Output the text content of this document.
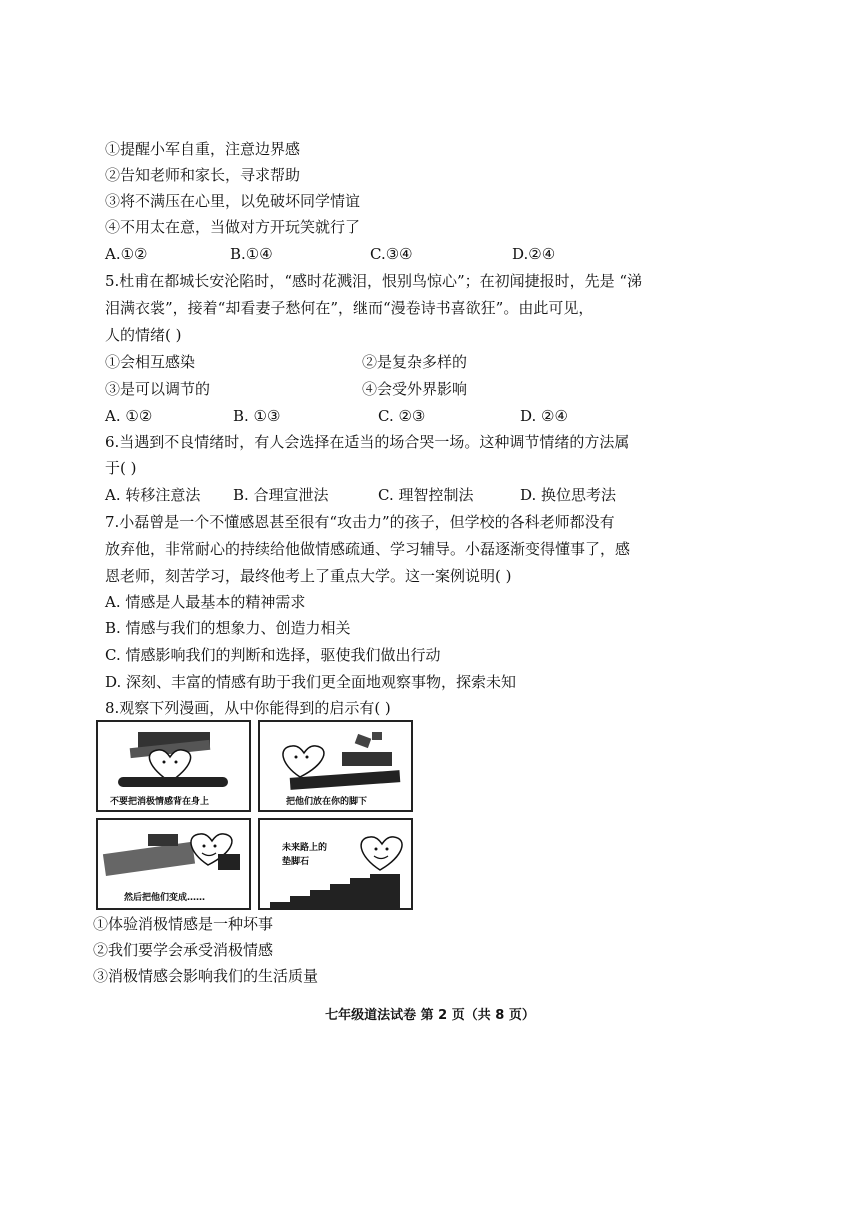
①提醒小军自重，注意边界感
②告知老师和家长，寻求帮助
③将不满压在心里，以免破坏同学情谊
④不用太在意，当做对方开玩笑就行了
A.①②	B.①④	C.③④	D.②④
5.杜甫在都城长安沦陷时，“感时花溅泪，恨别鸟惊心”；在初闻捷报时，先是 “涕
泪满衣裳”，接着“却看妻子愁何在”，继而“漫卷诗书喜欲狂”。由此可见，
人的情绪( )
①会相互感染	②是复杂多样的
③是可以调节的	④会受外界影响
A. ①②	B. ①③	C. ②③	D. ②④
6.当遇到不良情绪时，有人会选择在适当的场合哭一场。这种调节情绪的方法属
于( )
A. 转移注意法 B. 合理宣泄法	C. 理智控制法	D. 换位思考法
7.小磊曾是一个不懂感恩甚至很有“攻击力”的孩子，但学校的各科老师都没有
放弃他，非常耐心的持续给他做情感疏通、学习辅导。小磊逐渐变得懂事了，感
恩老师，刻苦学习，最终他考上了重点大学。这一案例说明( )
A. 情感是人最基本的精神需求
B. 情感与我们的想象力、创造力相关
C. 情感影响我们的判断和选择，驱使我们做出行动
D. 深刻、丰富的情感有助于我们更全面地观察事物，探索未知
8.观察下列漫画，从中你能得到的启示有( )
不要把消极情感背在身上	把他们放在你的脚下
然后把他们变成……
未来路上的
垫脚石
①体验消极情感是一种坏事
②我们要学会承受消极情感
③消极情感会影响我们的生活质量
七年级道法试卷 第 2 页（共 8 页）
